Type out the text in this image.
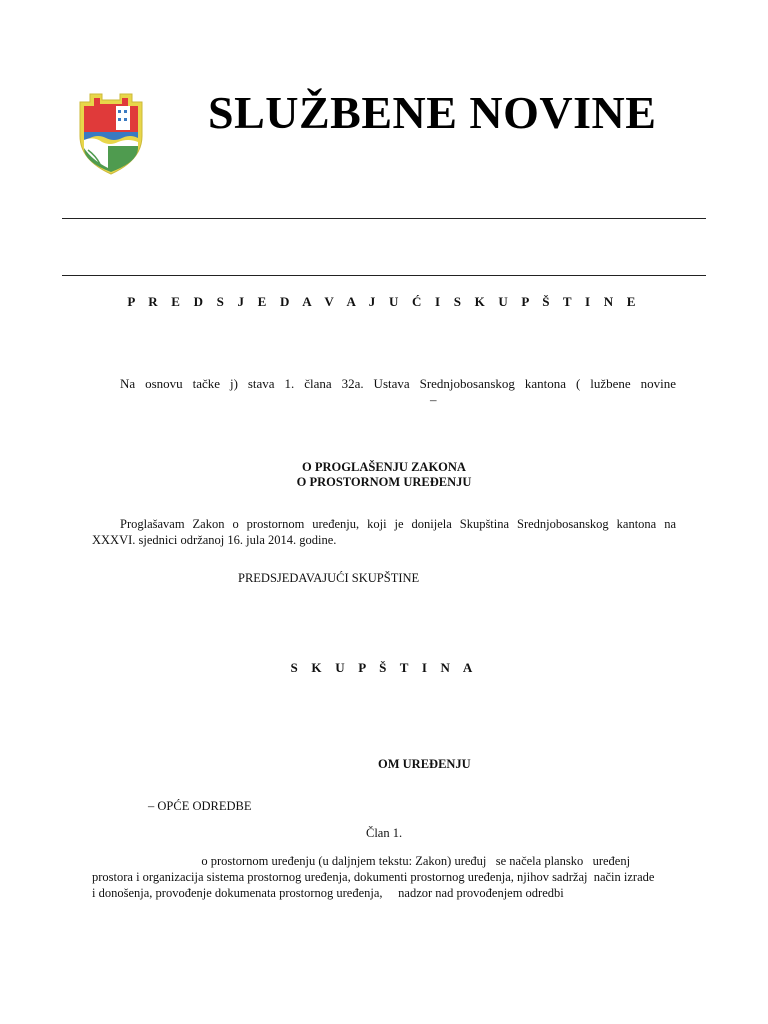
SLUŽBENE NOVINE
P R E D S J E D A V A J U Ć I S K U P Š T I N E
Na osnovu tačke j) stava 1. člana 32a. Ustava Srednjobosanskog kantona ( lužbene novine
–
O PROGLAŠENJU ZAKONA
O PROSTORNOM UREĐENJU
Proglašavam Zakon o prostornom uređenju, koji je donijela Skupština Srednjobosanskog kantona na
XXXVI. sjednici održanoj 16. jula 2014. godine.
PREDSJEDAVAJUĆI SKUPŠTINE
S K U P Š T I N A
OM UREĐENJU
– OPĆE ODREDBE
Član 1.
o prostornom uređenju (u daljnjem tekstu: Zakon) uređuj   se načela plansko   uređenj
prostora i organizacija sistema prostornog uređenja, dokumenti prostornog uređenja, njihov sadržaj  način izrade
i donošenja, provođenje dokumenata prostornog uređenja,     nadzor nad provođenjem odredbi
